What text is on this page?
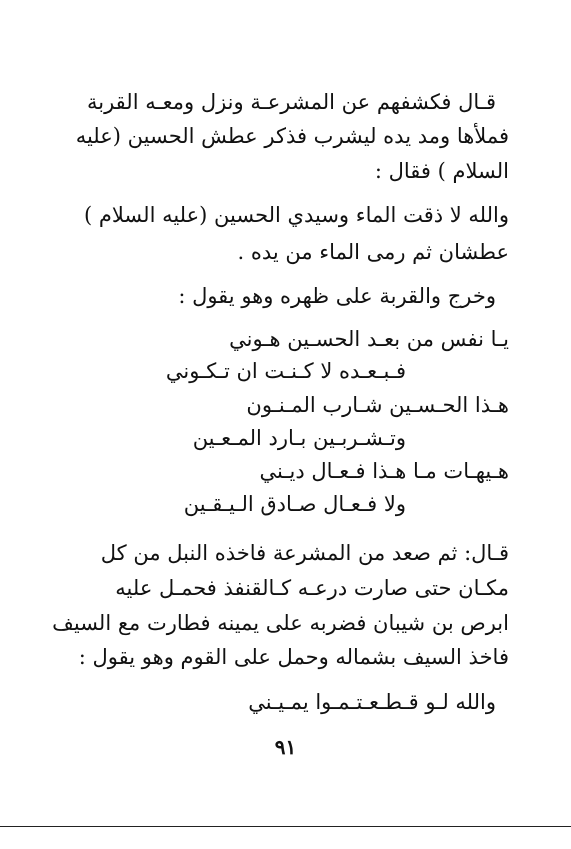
قـال فكشفهم عن المشرعـة ونزل ومعـه القربة
فملأها ومد يده ليشرب فذكر عطش الحسين (عليه
السلام ) فقال :
والله لا ذقت الماء وسيدي الحسين (عليه السلام )
عطشان ثم رمى الماء من يده .
وخرج والقربة على ظهره وهو يقول :
يـا نفس من بعـد الحسـين هـوني
فـبـعـده لا كـنـت ان تـكـوني
هـذا الحـسـين شـارب المـنـون
وتـشـربـين بـارد المـعـين
هـيهـات مـا هـذا فـعـال ديـني
ولا فـعـال صـادق الـيـقـين
قـال: ثم صعد من المشرعة فاخذه النبل من كل
مكـان حتى صارت درعـه كـالقنفذ فحمـل عليه
ابرص بن شيبان فضربه على يمينه فطارت مع السيف
فاخذ السيف بشماله وحمل على القوم وهو يقول :
والله لـو قـطـعـتـمـوا يمـيـني
٩١
